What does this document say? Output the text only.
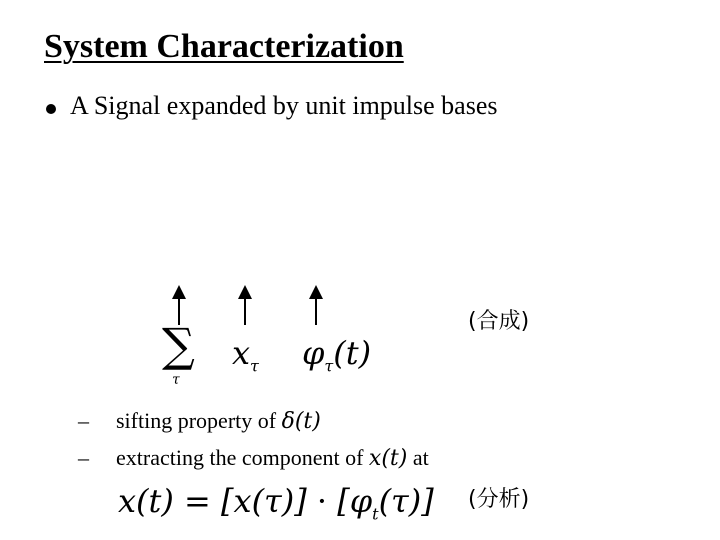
System Characterization
A Signal expanded by unit impulse bases
∑
τ
$x_\tau$ $\varphi_\tau(t)$
(合成)
– sifting property of δ(t)
– extracting the component of x(t) at
$x(t) = [x(\tau)] \cdot [\varphi_t(\tau)]$ (分析)
